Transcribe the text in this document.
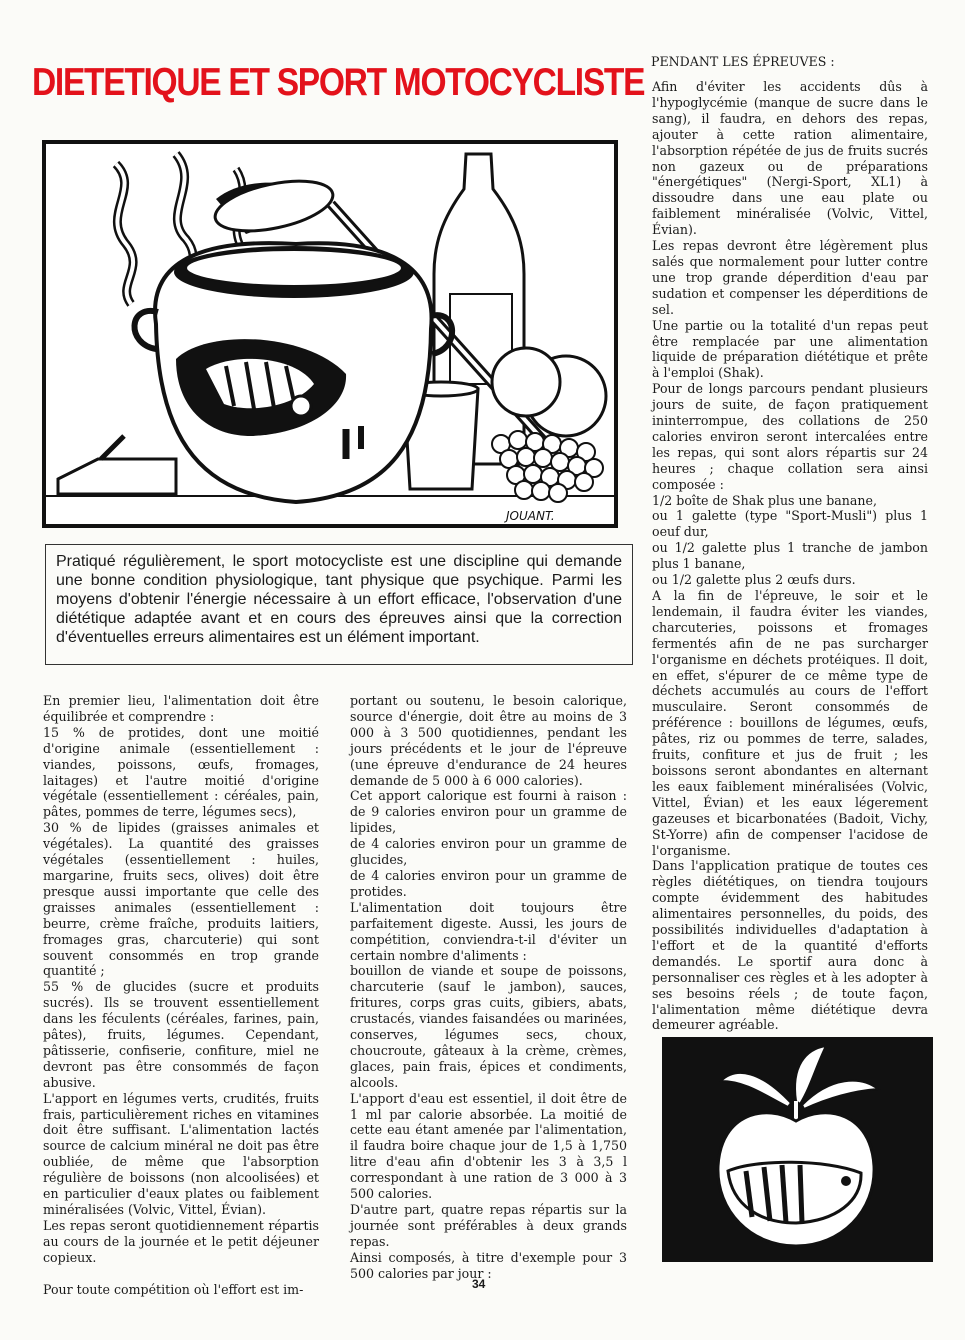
DIETETIQUE ET SPORT MOTOCYCLISTE
JOUANT.

Pratiqué régulièrement, le sport motocycliste est une discipline qui demande une bonne condition physiologique, tant physique que psychique. Parmi les moyens d'obtenir l'énergie nécessaire à un effort efficace, l'observation d'une diététique adaptée avant et en cours des épreuves ainsi que la correction d'éventuelles erreurs alimentaires est un élément important.

En premier lieu, l'alimentation doit être équilibrée et comprendre :

15 % de protides, dont une moitié d'origine animale (essentiellement : viandes, poissons, œufs, fromages, laitages) et l'autre moitié d'origine végétale (essentiellement : céréales, pain, pâtes, pommes de terre, légumes secs),

30 % de lipides (graisses animales et végétales). La quantité des graisses végétales (essentiellement : huiles, margarine, fruits secs, olives) doit être presque aussi importante que celle des graisses animales (essentiellement : beurre, crème fraîche, produits laitiers, fromages gras, charcuterie) qui sont souvent consommés en trop grande quantité ;

55 % de glucides (sucre et produits sucrés). Ils se trouvent essentiellement dans les féculents (céréales, farines, pain, pâtes), fruits, légumes. Cependant, pâtisserie, confiserie, confiture, miel ne devront pas être consommés de façon abusive.

L'apport en légumes verts, crudités, fruits frais, particulièrement riches en vitamines doit être suffisant. L'alimentation lactés source de calcium minéral ne doit pas être oubliée, de même que l'absorption régulière de boissons (non alcoolisées) et en particulier d'eaux plates ou faiblement minéralisées (Volvic, Vittel, Évian).

Les repas seront quotidiennement répartis au cours de la journée et le petit déjeuner copieux.

Pour toute compétition où l'effort est im-

portant ou soutenu, le besoin calorique, source d'énergie, doit être au moins de 3 000 à 3 500 quotidiennes, pendant les jours précédents et le jour de l'épreuve (une épreuve d'endurance de 24 heures demande de 5 000 à 6 000 calories).

Cet apport calorique est fourni à raison : de 9 calories environ pour un gramme de lipides,

de 4 calories environ pour un gramme de glucides,

de 4 calories environ pour un gramme de protides.

L'alimentation doit toujours être parfaitement digeste. Aussi, les jours de compétition, conviendra-t-il d'éviter un certain nombre d'aliments :

bouillon de viande et soupe de poissons, charcuterie (sauf le jambon), sauces, fritures, corps gras cuits, gibiers, abats, crustacés, viandes faisandées ou marinées, conserves, légumes secs, choux, choucroute, gâteaux à la crème, crèmes, glaces, pain frais, épices et condiments, alcools.

L'apport d'eau est essentiel, il doit être de 1 ml par calorie absorbée. La moitié de cette eau étant amenée par l'alimentation, il faudra boire chaque jour de 1,5 à 1,750 litre d'eau afin d'obtenir les 3 à 3,5 l correspondant à une ration de 3 000 à 3 500 calories.

D'autre part, quatre repas répartis sur la journée sont préférables à deux grands repas.

Ainsi composés, à titre d'exemple pour 3 500 calories par jour :

PENDANT LES ÉPREUVES :

Afin d'éviter les accidents dûs à l'hypoglycémie (manque de sucre dans le sang), il faudra, en dehors des repas, ajouter à cette ration alimentaire, l'absorption répétée de jus de fruits sucrés non gazeux ou de préparations "énergétiques" (Nergi-Sport, XL1) à dissoudre dans une eau plate ou faiblement minéralisée (Volvic, Vittel, Évian).

Les repas devront être légèrement plus salés que normalement pour lutter contre une trop grande déperdition d'eau par sudation et compenser les déperditions de sel.

Une partie ou la totalité d'un repas peut être remplacée par une alimentation liquide de préparation diététique et prête à l'emploi (Shak).

Pour de longs parcours pendant plusieurs jours de suite, de façon pratiquement ininterrompue, des collations de 250 calories environ seront intercalées entre les repas, qui sont alors répartis sur 24 heures ; chaque collation sera ainsi composée :

1/2 boîte de Shak plus une banane,

ou 1 galette (type "Sport-Musli") plus 1 oeuf dur,

ou 1/2 galette plus 1 tranche de jambon plus 1 banane,

ou 1/2 galette plus 2 œufs durs.

A la fin de l'épreuve, le soir et le lendemain, il faudra éviter les viandes, charcuteries, poissons et fromages fermentés afin de ne pas surcharger l'organisme en déchets protéiques. Il doit, en effet, s'épurer de ce même type de déchets accumulés au cours de l'effort musculaire. Seront consommés de préférence : bouillons de légumes, œufs, pâtes, riz ou pommes de terre, salades, fruits, confiture et jus de fruit ; les boissons seront abondantes en alternant les eaux faiblement minéralisées (Volvic, Vittel, Évian) et les eaux légerement gazeuses et bicarbonatées (Badoit, Vichy, St-Yorre) afin de compenser l'acidose de l'organisme.

Dans l'application pratique de toutes ces règles diététiques, on tiendra toujours compte évidemment des habitudes alimentaires personnelles, du poids, des possibilités individuelles d'adaptation à l'effort et de la quantité d'efforts demandés. Le sportif aura donc à personnaliser ces règles et à les adopter à ses besoins réels ; de toute façon, l'alimentation même diététique devra demeurer agréable.

34
